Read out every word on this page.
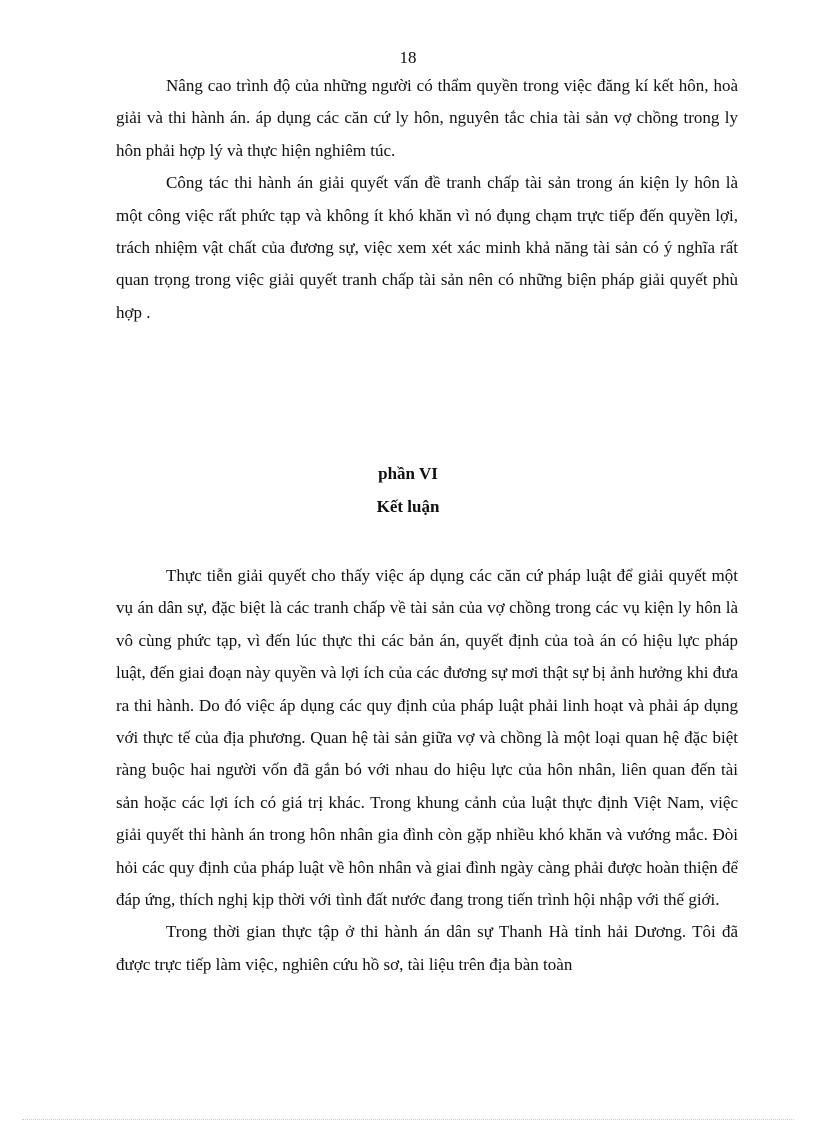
18

Nâng cao trình độ của những người có thẩm quyền trong việc đăng kí kết hôn, hoà giải và thi hành án. áp dụng các căn cứ ly hôn, nguyên tắc chia tài sản vợ chồng trong ly hôn phải hợp lý và thực hiện nghiêm túc.

Công tác thi hành án giải quyết vấn đề tranh chấp tài sản trong án kiện ly hôn là một công việc rất phức tạp và không ít khó khăn vì nó đụng chạm trực tiếp đến quyền lợi, trách nhiệm vật chất của đương sự, việc xem xét xác minh khả năng tài sản có ý nghĩa rất quan trọng trong việc giải quyết tranh chấp tài sản nên có những biện pháp giải quyết phù hợp .

phần VI
Kết luận

Thực tiễn giải quyết cho thấy việc áp dụng các căn cứ pháp luật để giải quyết một vụ án dân sự, đặc biệt là các tranh chấp về tài sản của vợ chồng trong các vụ kiện ly hôn là vô cùng phức tạp, vì đến lúc thực thi các bản án, quyết định của toà án có hiệu lực pháp luật, đến giai đoạn này quyền và lợi ích của các đương sự mơi thật sự bị ảnh hưởng khi đưa ra thi hành. Do đó việc áp dụng các quy định của pháp luật phải linh hoạt và phải áp dụng với thực tế của địa phương. Quan hệ tài sản giữa vợ và chồng là một loại quan hệ đặc biệt ràng buộc hai người vốn đã gắn bó với nhau do hiệu lực của hôn nhân, liên quan đến tài sản hoặc các lợi ích có giá trị khác. Trong khung cảnh của luật thực định Việt Nam, việc giải quyết thi hành án trong hôn nhân gia đình còn gặp nhiều khó khăn và vướng mắc. Đòi hỏi các quy định của pháp luật về hôn nhân và giai đình ngày càng phải được hoàn thiện để đáp ứng, thích nghị kịp thời với tình đất nước đang trong tiến trình hội nhập với thế giới.

Trong thời gian thực tập ở thi hành án dân sự Thanh Hà tỉnh hải Dương. Tôi đã được trực tiếp làm việc, nghiên cứu hồ sơ, tài liệu trên địa bàn toàn
